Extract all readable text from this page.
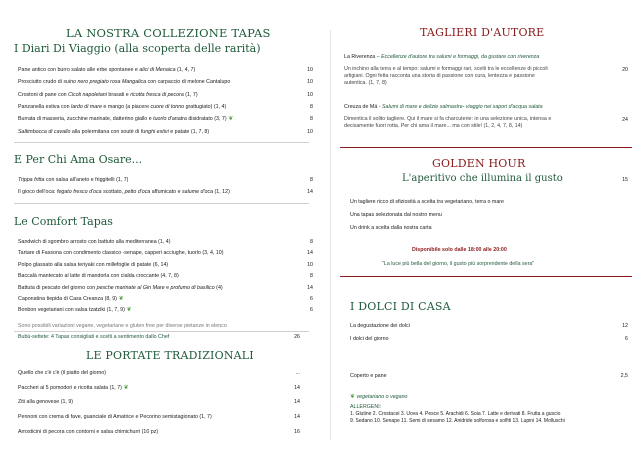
LA NOSTRA COLLEZIONE TAPAS
I Diari Di Viaggio (alla scoperta delle rarità)
Pane antico con burro salato alle erbe spontanee e alici di Menaica (1, 4, 7)	10
Prosciutto crudo di suino nero pregiato rosa Mangalica con carpaccio di melone Cantalupo	10
Crostoni di pane con Cicoli napoletani brasati e ricotta fresca di pecora (1, 7)	10
Panzanella estiva con lardo di mare e mango (a piacere cuore di tonno grattugiato) (1, 4)	8
Burrata di masseria, zucchine marinate, datterino giallo e tuorlo d'anatra disidratato (3, 7) ❦	8
Saltimbocca di cavallo alla polermitana con soutè di funghi estivi e patate (1, 7, 8)	10
E Per Chi Ama Osare...
Trippa fritta con salsa all'aneto e friggitelli (1, 7)	8
Il gioco dell'oca: fegato fresco d'oca scottato, petto d'oca affumicato e salume d'oca (1, 12)	14
Le Comfort Tapas
Sandwich di sgombro arrosto con battuto alla mediterranea (1, 4)	8
Tartare di Fassona con condimento classico -senape, capperi acciughe, tuorlo (3, 4, 10)	14
Polpo glassato alla salsa teriyaki con millefoglie di patate (6, 14)	10
Baccalà mantecato al latte di mandorla con cialda croccante (4, 7, 8)	8
Battuta di pescato del giorno con pesche marinate al Gin Mare e profumo di basilico (4)	14
Caponatina tiepida di Casa Creanza (8, 9) ❦	6
Bonbon vegetariani con salsa tzatziki (1, 7, 9) ❦	6
Sono possibili variazioni vegane, vegetariane e gluten free per diverse pietanze in elenco
Bubù-settete: 4 Tapas consigliati e scelti a sentimento dallo Chef	26
LE PORTATE TRADIZIONALI
Quello che c'è c'è (il piatto del giorno)	...
Paccheri ai 5 pomodori e ricotta salata (1, 7) ❦	14
Ziti alla genovese (1, 9)	14
Pennoni con crema di fave, guanciale di Amatrice e Pecorino semistagionato (1, 7)	14
Arrosticini di pecora con contorni e salsa chimichurri (10 pz)	16
TAGLIERI D'AUTORE
La Riverenza – Eccellenze d'autore tra salumi e formaggi, da gustare con riverenza
Un inchino alla terra e al tempo: salumi e formaggi rari, scelti tra le eccellenze di piccoli
artigiani. Ogni fetta racconta una storia di passione con cura, lentezza e passione
autentica. (1, 7, 8)
20
Creuza de Mä - Salumi di mare e delizie salmastre- viaggio nei sapori d'acqua salata
Dimentica il solito tagliere. Qui il mare si fa charcuterie: in una selezione unica, intensa e
decisamente fuori rotta. Per chi ama il mare... ma con stile! (1, 2, 4, 7, 8, 14)
24
GOLDEN HOUR
L'aperitivo che illumina il gusto	15
Un tagliere ricco di sfiziosità a scelta tra vegetariano, terra o mare
Una tapas selezionata dal nostro menu
Un drink a scelta dalla nostra carta
Disponibile solo dalle 18:00 alle 20:00
"La luce più bella del giorno, il gusto più sorprendente della sera"
I DOLCI DI CASA
La degustazione dei dolci	12
I dolci del giorno	6
Coperto e pane	2,5
❦ vegetariano o vegano
ALLERGENI:
1. Glutine 2. Crostacei 3. Uova 4. Pesce 5. Arachidi 6. Soia 7. Latte e derivati 8. Frutta a guscio
9. Sedano 10. Senape 11. Semi di sesamo 12. Anidride solforosa e solfiti 13. Lupini 14. Molluschi
